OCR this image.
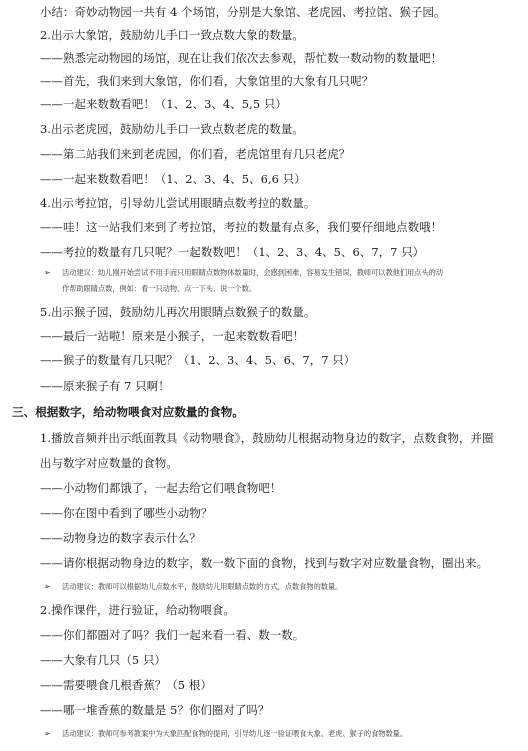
小结：奇妙动物园一共有 4 个场馆，分别是大象馆、老虎园、考拉馆、猴子园。
2.出示大象馆，鼓励幼儿手口一致点数大象的数量。
——熟悉完动物园的场馆，现在让我们依次去参观，帮忙数一数动物的数量吧！
——首先，我们来到大象馆，你们看，大象馆里的大象有几只呢？
——一起来数数看吧！（1、2、3、4、5,5 只）
3.出示老虎园，鼓励幼儿手口一致点数老虎的数量。
——第二站我们来到老虎园，你们看，老虎馆里有几只老虎？
——一起来数数看吧！（1、2、3、4、5、6,6 只）
4.出示考拉馆，引导幼儿尝试用眼睛点数考拉的数量。
——哇！这一站我们来到了考拉馆，考拉的数量有点多，我们要仔细地点数哦！
——考拉的数量有几只呢？一起数数吧！（1、2、3、4、5、6、7，7 只）
➢ 活动建议：幼儿刚开始尝试不用手而只用眼睛点数物体数量时，会感到困难，容易发生错误，教师可以教他们用点头的动
作帮助眼睛点数，例如：看一只动物、点一下头、说一个数。
5.出示猴子园，鼓励幼儿再次用眼睛点数猴子的数量。
——最后一站啦！原来是小猴子，一起来数数看吧！
——猴子的数量有几只呢？（1、2、3、4、5、6、7，7 只）
——原来猴子有 7 只啊！
三、根据数字，给动物喂食对应数量的食物。
1.播放音频并出示纸面教具《动物喂食》，鼓励幼儿根据动物身边的数字，点数食物，并圈
出与数字对应数量的食物。
——小动物们都饿了，一起去给它们喂食物吧！
——你在图中看到了哪些小动物？
——动物身边的数字表示什么？
——请你根据动物身边的数字，数一数下面的食物，找到与数字对应数量食物，圈出来。
➢ 活动建议：教师可以根据幼儿点数水平，鼓励幼儿用眼睛点数的方式，点数食物的数量。
2.操作课件，进行验证，给动物喂食。
——你们都圈对了吗？我们一起来看一看、数一数。
——大象有几只（5 只）
——需要喂食几根香蕉？（5 根）
——哪一堆香蕉的数量是 5？你们圈对了吗？
➢ 活动建议：教师可参考教案中为大象匹配食物的提问，引导幼儿逐一验证喂食大象、老虎、猴子的食物数量。
